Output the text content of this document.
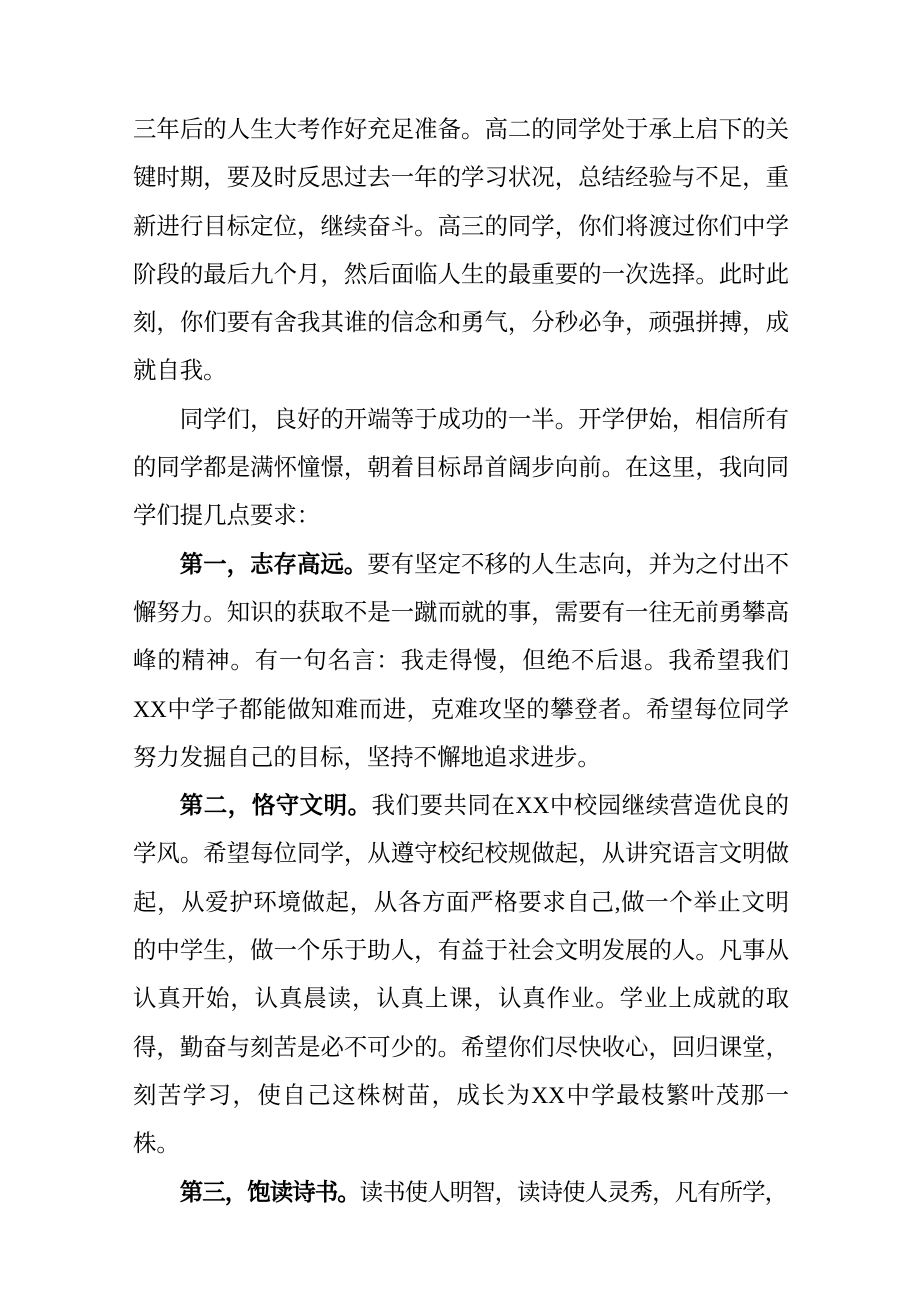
三年后的人生大考作好充足准备。高二的同学处于承上启下的关键时期，要及时反思过去一年的学习状况，总结经验与不足，重新进行目标定位，继续奋斗。高三的同学，你们将渡过你们中学阶段的最后九个月，然后面临人生的最重要的一次选择。此时此刻，你们要有舍我其谁的信念和勇气，分秒必争，顽强拼搏，成就自我。

同学们，良好的开端等于成功的一半。开学伊始，相信所有的同学都是满怀憧憬，朝着目标昂首阔步向前。在这里，我向同学们提几点要求：

第一，志存高远。要有坚定不移的人生志向，并为之付出不懈努力。知识的获取不是一蹴而就的事，需要有一往无前勇攀高峰的精神。有一句名言：我走得慢，但绝不后退。我希望我们XX中学子都能做知难而进，克难攻坚的攀登者。希望每位同学努力发掘自己的目标，坚持不懈地追求进步。

第二，恪守文明。我们要共同在XX中校园继续营造优良的学风。希望每位同学，从遵守校纪校规做起，从讲究语言文明做起，从爱护环境做起，从各方面严格要求自己,做一个举止文明的中学生，做一个乐于助人，有益于社会文明发展的人。凡事从认真开始，认真晨读，认真上课，认真作业。学业上成就的取得，勤奋与刻苦是必不可少的。希望你们尽快收心，回归课堂，刻苦学习，使自己这株树苗，成长为XX中学最枝繁叶茂那一株。

第三，饱读诗书。读书使人明智，读诗使人灵秀，凡有所学，
